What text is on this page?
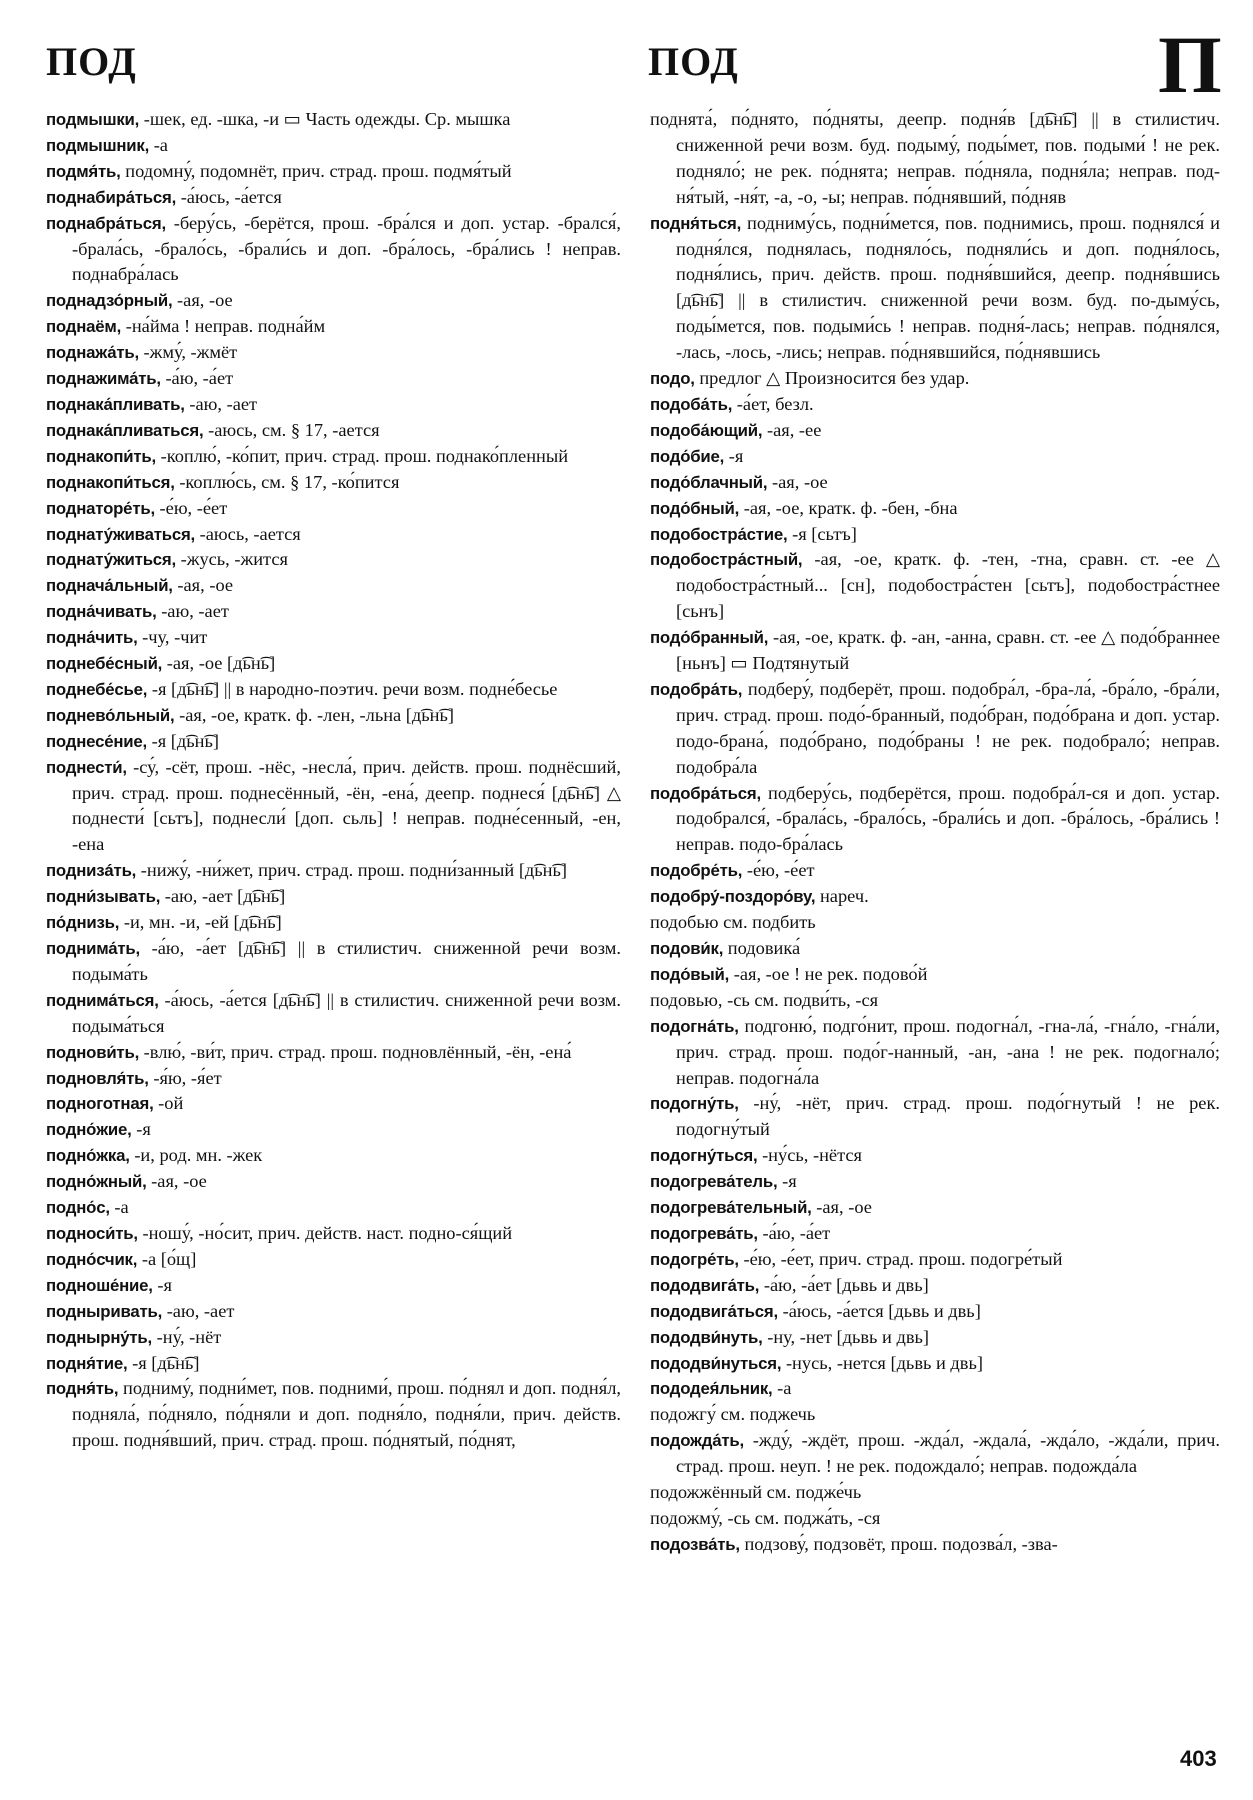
ПОД	ПОД	П

подмышки, -шек, ед. -шка, -и ▭ Часть одежды. Ср. мышка

подмышник, -а

подмя́ть, подомну́, подомнёт, прич. страд. прош. подмя́тый

поднабира́ться, -а́юсь, -а́ется

поднабра́ться, -беру́сь, -берётся, прош. -бра́лся и доп. устар. -брался́, -брала́сь, -брало́сь, -брали́сь и доп. -бра́лось, -бра́лись ! неправ. поднабра́лась

поднадзо́рный, -ая, -ое

поднаём, -на́йма ! неправ. подна́йм

поднажа́ть, -жму́, -жмёт

поднажима́ть, -а́ю, -а́ет

поднака́пливать, -аю, -ает

поднака́пливаться, -аюсь, см. § 17, -ается

поднакопи́ть, -коплю́, -ко́пит, прич. страд. прош. поднако́пленный

поднакопи́ться, -коплю́сь, см. § 17, -ко́пится

поднаторе́ть, -е́ю, -е́ет

поднату́живаться, -аюсь, -ается

поднату́житься, -жусь, -жится

поднача́льный, -ая, -ое

подна́чивать, -аю, -ает

подна́чить, -чу, -чит

поднебе́сный, -ая, -ое [д͡ьн͡ь]

поднебе́сье, -я [д͡ьн͡ь] || в народно-поэтич. речи возм. подне́бесье

поднево́льный, -ая, -ое, кратк. ф. -лен, -льна [д͡ьн͡ь]

поднесе́ние, -я [д͡ьн͡ь]

поднести́, -су́, -сёт, прош. -нёс, -несла́, прич. действ. прош. поднёсший, прич. страд. прош. поднесённый, -ён, -ена́, деепр. поднеся́ [д͡ьн͡ь] △ поднести́ [сьтъ], поднесли́ [доп. сьль] ! неправ. подне́сенный, -ен, -ена

поднизáть, -нижу́, -ни́жет, прич. страд. прош. подни́занный [д͡ьн͡ь]

подни́зывать, -аю, -ает [д͡ьн͡ь]

по́днизь, -и, мн. -и, -ей [д͡ьн͡ь]

поднима́ть, -а́ю, -а́ет [д͡ьн͡ь] || в стилистич. сниженной речи возм. подыма́ть

поднима́ться, -а́юсь, -а́ется [д͡ьн͡ь] || в стилистич. сниженной речи возм. подыма́ться

поднови́ть, -влю́, -ви́т, прич. страд. прош. подновлённый, -ён, -ена́

подновля́ть, -я́ю, -я́ет

подноготная, -ой

подно́жие, -я

подно́жка, -и, род. мн. -жек

подно́жный, -ая, -ое

подно́с, -а

подноси́ть, -ношу́, -но́сит, прич. действ. наст. подно-ся́щий

подно́счик, -а [о́щ]

подноше́ние, -я

подныривать, -аю, -ает

поднырну́ть, -ну́, -нёт

подня́тие, -я [д͡ьн͡ь]

подня́ть, подниму́, подни́мет, пов. подними́, прош. по́днял и доп. подня́л, подняла́, по́дняло, по́дняли и доп. подня́ло, подня́ли, прич. действ. прош. подня́вший, прич. страд. прош. по́днятый, по́днят,

поднята́, по́днято, по́дняты, деепр. подня́в [д͡ьн͡ь] || в стилистич. сниженной речи возм. буд. подыму́, поды́мет, пов. подыми́ ! не рек. подняло́; не рек. по́днята; неправ. по́дняла, подня́ла; неправ. под-ня́тый, -ня́т, -а, -о, -ы; неправ. по́днявший, по́дняв

подня́ться, подниму́сь, подни́мется, пов. поднимись, прош. поднялся́ и подня́лся, поднялась, подняло́сь, подняли́сь и доп. подня́лось, подня́лись, прич. действ. прош. подня́вшийся, деепр. подня́вшись [д͡ьн͡ь] || в стилистич. сниженной речи возм. буд. по-дыму́сь, поды́мется, пов. подыми́сь ! неправ. подня́-лась; неправ. по́днялся, -лась, -лось, -лись; неправ. по́днявшийся, по́днявшись

подо, предлог △ Произносится без удар.

подоба́ть, -а́ет, безл.

подоба́ющий, -ая, -ее

подо́бие, -я

подо́блачный, -ая, -ое

подо́бный, -ая, -ое, кратк. ф. -бен, -бна

подобостра́стие, -я [сьтъ]

подобостра́стный, -ая, -ое, кратк. ф. -тен, -тна, сравн. ст. -ее △ подобостра́стный... [сн], подобостра́стен [сьтъ], подобостра́стнее [сьнъ]

подо́бранный, -ая, -ое, кратк. ф. -ан, -анна, сравн. ст. -ее △ подо́браннее [ньнъ] ▭ Подтянутый

подобра́ть, подберу́, подберёт, прош. подобра́л, -бра-ла́, -бра́ло, -бра́ли, прич. страд. прош. подо́-бранный, подо́бран, подо́брана и доп. устар. подо-брана́, подо́брано, подо́браны ! не рек. подобрало́; неправ. подобра́ла

подобра́ться, подберу́сь, подберётся, прош. подобра́л-ся и доп. устар. подобрался́, -брала́сь, -брало́сь, -брали́сь и доп. -бра́лось, -бра́лись ! неправ. подо-бра́лась

подобре́ть, -е́ю, -е́ет

подобру́-поздоро́ву, нареч.

подобью см. подбить

подови́к, подовика́

подо́вый, -ая, -ое ! не рек. подово́й

подовью, -сь см. подви́ть, -ся

подогна́ть, подгоню́, подго́нит, прош. подогна́л, -гна-ла́, -гна́ло, -гна́ли, прич. страд. прош. подо́г-нанный, -ан, -ана ! не рек. подогнало́; неправ. подогна́ла

подогну́ть, -ну́, -нёт, прич. страд. прош. подо́гнутый ! не рек. подогну́тый

подогну́ться, -ну́сь, -нётся

подогрева́тель, -я

подогрева́тельный, -ая, -ое

подогрева́ть, -а́ю, -а́ет

подогре́ть, -е́ю, -е́ет, прич. страд. прош. подогре́тый

пододвига́ть, -а́ю, -а́ет [дьвь и двь]

пододвига́ться, -а́юсь, -а́ется [дьвь и двь]

пододви́нуть, -ну, -нет [дьвь и двь]

пододви́нуться, -нусь, -нется [дьвь и двь]

пододея́льник, -а

подожгу́ см. поджечь

подожда́ть, -жду́, -ждёт, прош. -жда́л, -ждала́, -жда́ло, -жда́ли, прич. страд. прош. неуп. ! не рек. подождало́; неправ. подожда́ла

подожжённый см. подже́чь

подожму́, -сь см. поджа́ть, -ся

подозва́ть, подзову́, подзовёт, прош. подозва́л, -зва-

403
